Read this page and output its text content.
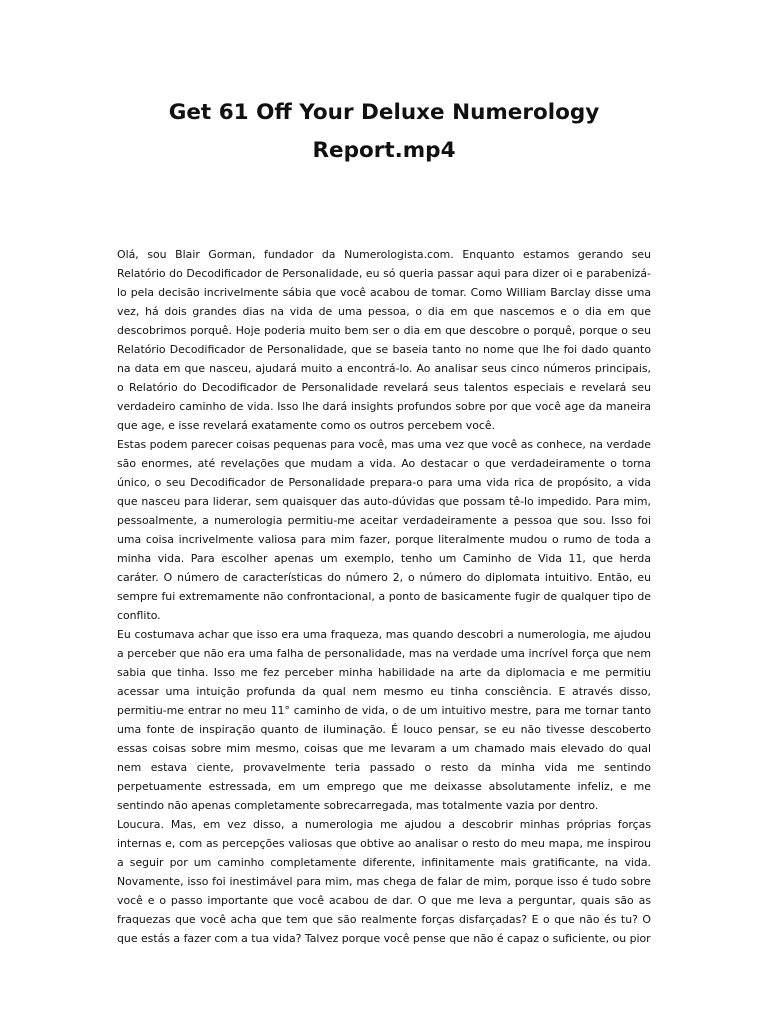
Get 61 Off Your Deluxe Numerology Report.mp4

Olá, sou Blair Gorman, fundador da Numerologista.com. Enquanto estamos gerando seu Relatório do Decodificador de Personalidade, eu só queria passar aqui para dizer oi e parabenizá-lo pela decisão incrivelmente sábia que você acabou de tomar. Como William Barclay disse uma vez, há dois grandes dias na vida de uma pessoa, o dia em que nascemos e o dia em que descobrimos porquê. Hoje poderia muito bem ser o dia em que descobre o porquê, porque o seu Relatório Decodificador de Personalidade, que se baseia tanto no nome que lhe foi dado quanto na data em que nasceu, ajudará muito a encontrá-lo. Ao analisar seus cinco números principais, o Relatório do Decodificador de Personalidade revelará seus talentos especiais e revelará seu verdadeiro caminho de vida. Isso lhe dará insights profundos sobre por que você age da maneira que age, e isse revelará exatamente como os outros percebem você.

Estas podem parecer coisas pequenas para você, mas uma vez que você as conhece, na verdade são enormes, até revelações que mudam a vida. Ao destacar o que verdadeiramente o torna único, o seu Decodificador de Personalidade prepara-o para uma vida rica de propósito, a vida que nasceu para liderar, sem quaisquer das auto-dúvidas que possam tê-lo impedido. Para mim, pessoalmente, a numerologia permitiu-me aceitar verdadeiramente a pessoa que sou. Isso foi uma coisa incrivelmente valiosa para mim fazer, porque literalmente mudou o rumo de toda a minha vida. Para escolher apenas um exemplo, tenho um Caminho de Vida 11, que herda caráter. O número de características do número 2, o número do diplomata intuitivo. Então, eu sempre fui extremamente não confrontacional, a ponto de basicamente fugir de qualquer tipo de conflito.

Eu costumava achar que isso era uma fraqueza, mas quando descobri a numerologia, me ajudou a perceber que não era uma falha de personalidade, mas na verdade uma incrível força que nem sabia que tinha. Isso me fez perceber minha habilidade na arte da diplomacia e me permitiu acessar uma intuição profunda da qual nem mesmo eu tinha consciência. E através disso, permitiu-me entrar no meu 11° caminho de vida, o de um intuitivo mestre, para me tornar tanto uma fonte de inspiração quanto de iluminação. É louco pensar, se eu não tivesse descoberto essas coisas sobre mim mesmo, coisas que me levaram a um chamado mais elevado do qual nem estava ciente, provavelmente teria passado o resto da minha vida me sentindo perpetuamente estressada, em um emprego que me deixasse absolutamente infeliz, e me sentindo não apenas completamente sobrecarregada, mas totalmente vazia por dentro.

Loucura. Mas, em vez disso, a numerologia me ajudou a descobrir minhas próprias forças internas e, com as percepções valiosas que obtive ao analisar o resto do meu mapa, me inspirou a seguir por um caminho completamente diferente, infinitamente mais gratificante, na vida. Novamente, isso foi inestimável para mim, mas chega de falar de mim, porque isso é tudo sobre você e o passo importante que você acabou de dar. O que me leva a perguntar, quais são as fraquezas que você acha que tem que são realmente forças disfarçadas? E o que não és tu? O que estás a fazer com a tua vida? Talvez porque você pense que não é capaz o suficiente, ou pior
